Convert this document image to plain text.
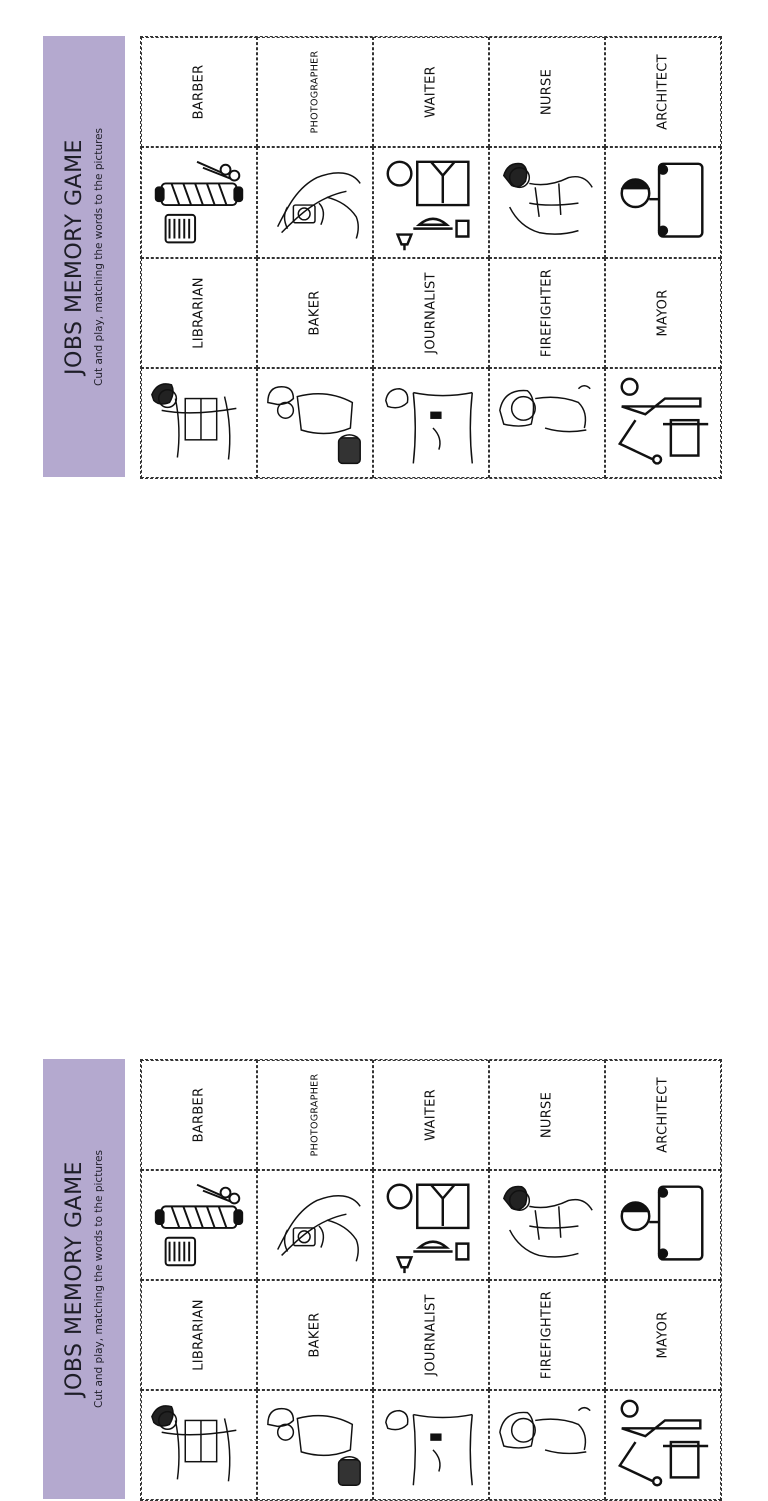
JOBS MEMORY GAME Cut and play, matching the words to the pictures
BARBER	PHOTOGRAPHER	WAITER	NURSE	ARCHITECT
LIBRARIAN	BAKER	JOURNALIST	FIREFIGHTER	MAYOR
JOBS MEMORY GAME Cut and play, matching the words to the pictures
BARBER	PHOTOGRAPHER	WAITER	NURSE	ARCHITECT
LIBRARIAN	BAKER	JOURNALIST	FIREFIGHTER	MAYOR
